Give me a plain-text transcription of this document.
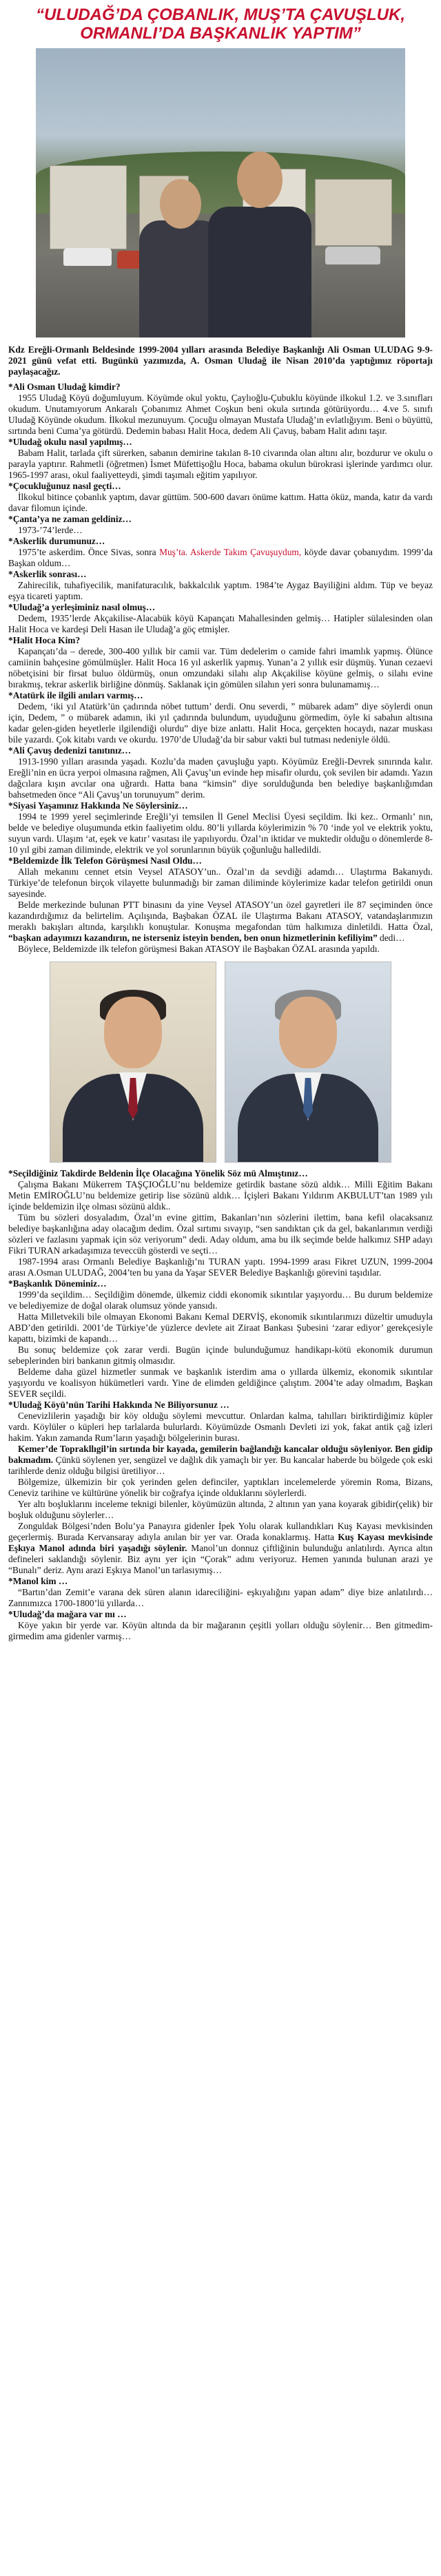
“ULUDAĞ’DA ÇOBANLIK, MUŞ’TA ÇAVUŞLUK,
ORMANLI’DA BAŞKANLIK YAPTIM”

Kdz Ereğli-Ormanlı Beldesinde 1999-2004 yılları arasında Belediye Başkanlığı Ali Osman ULUDAG 9-9-2021 günü vefat etti. Bugünkü yazımızda, A. Osman Uludağ ile Nisan 2010’da yaptığımız röportajı paylaşacağız.

*Ali Osman Uludağ kimdir?

1955 Uludağ Köyü doğumluyum. Köyümde okul yoktu, Çaylıoğlu-Çubuklu köyünde ilkokul 1.2. ve 3.sınıfları okudum. Unutamıyorum Ankaralı Çobanımız Ahmet Coşkun beni okula sırtında götürüyordu… 4.ve 5. sınıfı Uludağ Köyünde okudum. İlkokul mezunuyum. Çocuğu olmayan Mustafa Uludağ’ın evlatlığıyım. Beni o büyüttü, sırtında beni Cuma’ya götürdü. Dedemin babası Halit Hoca, dedem Ali Çavuş, babam Halit adını taşır.

*Uludağ okulu nasıl yapılmış…

Babam Halit, tarlada çift sürerken, sabanın demirine takılan 8-10 civarında olan altını alır, bozdurur ve okulu o parayla yaptırır. Rahmetli (öğretmen) İsmet Müfettişoğlu Hoca, babama okulun bürokrasi işlerinde yardımcı olur. 1965-1997 arası, okul faaliyetteydi, şimdi taşımalı eğitim yapılıyor.

*Çocukluğunuz nasıl geçti…

İlkokul bitince çobanlık yaptım, davar güttüm. 500-600 davarı önüme kattım. Hatta öküz, manda, katır da vardı davar filomun içinde.

*Çanta’ya ne zaman geldiniz…

1973-’74’lerde…

*Askerlik durumunuz…

1975’te askerdim. Önce Sivas, sonra Muş’ta. Askerde Takım Çavuşuydum, köyde davar çobanıydım. 1999’da Başkan oldum…

*Askerlik sonrası…

Zahirecilik, tuhafiyecilik, manifaturacılık, bakkalcılık yaptım. 1984’te Aygaz Bayiliğini aldım. Tüp ve beyaz eşya ticareti yaptım.

*Uludağ’a yerleşiminiz nasıl olmuş…

Dedem, 1935’lerde Akçakilise-Alacabük köyü Kapançatı Mahallesinden gelmiş… Hatipler sülalesinden olan Halit Hoca ve kardeşi Deli Hasan ile Uludağ’a göç etmişler.

*Halit Hoca Kim?

Kapançatı’da – derede, 300-400 yıllık bir camii var. Tüm dedelerim o camide fahri imamlık yapmış. Ölünce camiinin bahçesine gömülmüşler. Halit Hoca 16 yıl askerlik yapmış. Yunan’a 2 yıllık esir düşmüş. Yunan cezaevi nöbetçisini bir firsat buluo öldürmüş, onun omzundaki silahı alıp Akçakilise köyüne gelmiş, o silahı evine bırakmış, tekrar askerlik birliğine dönmüş. Saklanak için gömülen silahın yeri sonra bulunamamış…

*Atatürk ile ilgili anıları varmış…

Dedem, ‘iki yıl Atatürk’ün çadırında nöbet tuttum’ derdi. Onu severdi, ” mübarek adam” diye söylerdi onun için, Dedem, ” o mübarek adamın, iki yıl çadırında bulundum, uyuduğunu görmedim, öyle ki sabahın altısına kadar gelen-giden heyetlerle ilgilendiği olurdu” diye bize anlattı. Halit Hoca, gerçekten hocaydı, nazar muskası bile yazardı. Çok kitabı vardı ve okurdu. 1970’de Uludağ’da bir sabur vakti bul tutması nedeniyle öldü.

*Ali Çavuş dedenizi tanıtınız…

1913-1990 yılları arasında yaşadı. Kozlu’da maden çavuşluğu yaptı. Köyümüz Ereğli-Devrek sınırında kalır. Ereğli’nin en ücra yerpoi olmasına rağmen, Ali Çavuş’un evinde hep misafir olurdu, çok sevilen bir adamdı. Yazın dağcılara kışın avcılar ona uğrardı. Hatta bana “kimsin” diye sorulduğunda ben belediye başkanlığımdan bahsetmeden önce “Ali Çavuş’un torunuyum” derim.

*Siyasi Yaşamınız Hakkında Ne Söylersiniz…

1994 te 1999 yerel seçimlerinde Ereğli’yi temsilen İl Genel Meclisi Üyesi seçildim. İki kez.. Ormanlı’ nın, belde ve belediye oluşumunda etkin faaliyetim oldu. 80’li yıllarda köylerimizin % 70 ‘inde yol ve elektrik yoktu, suyun vardı. Ulaşım ‘at, eşek ve katır’ vasıtası ile yapılıyordu. Özal’ın iktidar ve muktedir olduğu o dönemlerde 8-10 yıl gibi zaman diliminde, elektrik ve yol sorunlarının büyük çoğunluğu halledildi.

*Beldemizde İlk Telefon Görüşmesi Nasıl Oldu…

Allah mekanını cennet etsin Veysel ATASOY’un.. Özal’ın da sevdiği adamdı… Ulaştırma Bakanıydı. Türkiye’de telefonun birçok vilayette bulunmadığı bir zaman diliminde köylerimize kadar telefon getirildi onun sayesinde.

Belde merkezinde bulunan PTT binasını da yine Veysel ATASOY’un özel gayretleri ile 87 seçiminden önce kazandırdığımız da belirtelim. Açılışında, Başbakan ÖZAL ile Ulaştırma Bakanı ATASOY, vatandaşlarımızın meraklı bakışları altında, karşılıklı konuştular. Konuşma megafondan tüm halkımıza dinletildi. Hatta Özal, “başkan adayımızı kazandırın, ne isterseniz isteyin benden, ben onun hizmetlerinin kefiliyim” dedi…

Böylece, Beldemizde ilk telefon görüşmesi Bakan ATASOY ile Başbakan ÖZAL arasında yapıldı.

*Seçildiğiniz Takdirde Beldenin İlçe Olacağına Yönelik Söz mü Almıştınız…

Çalışma Bakanı Mükerrem TAŞÇIOĞLU’nu beldemize getirdik bastane sözü aldık… Milli Eğitim Bakanı Metin EMİROĞLU’nu beldemize getirip lise sözünü aldık… İçişleri Bakanı Yıldırım AKBULUT’tan 1989 yılı içinde beldemizin ilçe olması sözünü aldık..

Tüm bu sözleri dosyaladım, Özal’ın evine gittim, Bakanları’nın sözlerini ilettim, bana kefil olacaksanız belediye başkanlığına aday olacağım dedim. Özal sırtımı sıvayıp, “sen sandıktan çık da gel, bakanlarımın verdiği sözleri ve fazlasını yapmak için söz veriyorum” dedi. Aday oldum, ama bu ilk seçimde belde halkımız SHP adayı Fikri TURAN arkadaşımıza teveccüh gösterdi ve seçti…

1987-1994 arası Ormanlı Belediye Başkanlığı’nı TURAN yaptı. 1994-1999 arası Fikret UZUN, 1999-2004 arası A.Osman ULUDAĞ, 2004’ten bu yana da Yaşar SEVER Belediye Başkanlığı görevini taşıdılar.

*Başkanlık Döneminiz…

1999’da seçildim… Seçildiğim dönemde, ülkemiz ciddi ekonomik sıkıntılar yaşıyordu… Bu durum beldemize ve belediyemize de doğal olarak olumsuz yönde yansıdı.

Hatta Milletvekili bile olmayan Ekonomi Bakanı Kemal DERVİŞ, ekonomik sıkıntılarımızı düzeltir umuduyla ABD’den getirildi. 2001’de Türkiye’de yüzlerce devlete ait Ziraat Bankası Şubesini ‘zarar ediyor’ gerekçesiyle kapattı, bizimki de kapandı…

Bu sonuç beldemize çok zarar verdi. Bugün içinde bulunduğumuz handikapı-kötü ekonomik durumun sebeplerinden biri bankanın gitmiş olmasıdır.

Beldeme daha güzel hizmetler sunmak ve başkanlık isterdim ama o yıllarda ülkemiz, ekonomik sıkıntılar yaşıyordu ve koalisyon hükümetleri vardı. Yine de elimden geldiğince çalıştım. 2004’te aday olmadım, Başkan SEVER seçildi.

*Uludağ Köyü’nün Tarihi Hakkında Ne Biliyorsunuz …

Cenevizlilerin yaşadığı bir köy olduğu söylemi mevcuttur. Onlardan kalma, tahılları biriktirdiğimiz küpler vardı. Köylüler o küpleri hep tarlalarda bulurlardı. Köyümüzde Osmanlı Devleti izi yok, fakat antik çağ izleri hakim. Yakın zamanda Rum’ların yaşadığı bölgelerinin burası.

Kemer’de Toprakllıgil’in sırtında bir kayada, gemilerin bağlandığı kancalar olduğu söyleniyor. Ben gidip bakmadım. Çünkü söylenen yer, sengüzel ve dağlık dik yamaçlı bir yer. Bu kancalar haberde bu bölgede çok eski tarihlerde deniz olduğu bilgisi üretiliyor…

Bölgemize, ülkemizin bir çok yerinden gelen definciler, yaptıkları incelemelerde yöremin Roma, Bizans, Ceneviz tarihine ve kültürüne yönelik bir coğrafya içinde olduklarını söylerlerdi.

Yer altı boşluklarını inceleme teknigi bilenler, köyümüzün altında, 2 altının yan yana koyarak gibidir(çelik) bir boşluk olduğunu söylerler…

Zonguldak Bölgesi’nden Bolu’ya Panayıra gidenler İpek Yolu olarak kullandıkları Kuş Kayası mevkisinden geçerlermiş. Burada Kervansaray adıyla anılan bir yer var. Orada konaklarmış. Hatta Kuş Kayası mevkisinde Eşkıya Manol adında biri yaşadığı söylenir. Manol’un donnuz çiftliğinin bulunduğu anlatılırdı. Ayrıca altın defineleri saklandığı söylenir. Biz aynı yer için “Çorak” adını veriyoruz. Hemen yanında bulunan arazi ye “Bunalı” deriz. Aynı arazi Eşkıya Manol’un tarlasıymış…

*Manol kim …

“Bartın’dan Zemit’e varana dek süren alanın idareciliğini- eşkıyalığını yapan adam” diye bize anlatılırdı… Zannımızca 1700-1800’lü yıllarda…

*Uludağ’da mağara var mı …

Köye yakın bir yerde var. Köyün altında da bir mağaranın çeşitli yolları olduğu söylenir… Ben gitmedim-girmedim ama gidenler varmış…
